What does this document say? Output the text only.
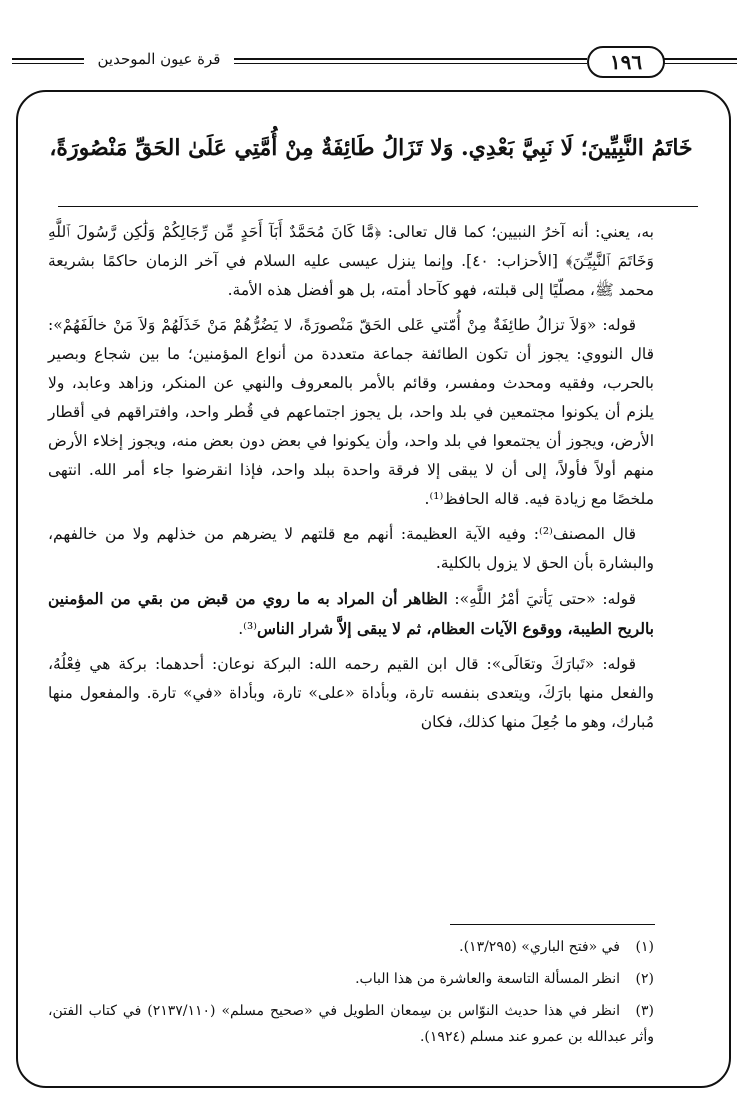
١٩٦
قرة عيون الموحدين
خَاتَمُ النَّبِيِّينَ؛ لَا نَبِيَّ بَعْدِي. وَلا تَزَالُ طَائِفَةٌ مِنْ أُمَّتِي عَلَىٰ الحَقِّ مَنْصُورَةً،

به، يعني: أنه آخرُ النبيين؛ كما قال تعالى: ﴿مَّا كَانَ مُحَمَّدٌ أَبَآ أَحَدٍ مِّن رِّجَالِكُمْ وَلَٰكِن رَّسُولَ ٱللَّهِ وَخَاتَمَ ٱلنَّبِيِّـۧنَ﴾ [الأحزاب: ٤٠]. وإنما ينزل عيسى عليه السلام في آخر الزمان حاكمًا بشريعة محمد ﷺ، مصلّيًا إلى قبلته، فهو كآحاد أمته، بل هو أفضل هذه الأمة.

قوله: «وَلاَ تزالُ طائِفَةٌ مِنْ أُمّتي عَلى الحَقّ مَنْصورَةً، لا يَضُرُّهُمْ مَنْ خَذَلَهُمْ وَلاَ مَنْ خالَفَهُمْ»: قال النووي: يجوز أن تكون الطائفة جماعة متعددة من أنواع المؤمنين؛ ما بين شجاع وبصير بالحرب، وفقيه ومحدث ومفسر، وقائم بالأمر بالمعروف والنهي عن المنكر، وزاهد وعابد، ولا يلزم أن يكونوا مجتمعين في بلد واحد، بل يجوز اجتماعهم في قُطر واحد، وافتراقهم في أقطار الأرض، ويجوز أن يجتمعوا في بلد واحد، وأن يكونوا في بعض دون بعض منه، ويجوز إخلاء الأرض منهم أولاً فأولاً، إلى أن لا يبقى إلا فرقة واحدة ببلد واحد، فإذا انقرضوا جاء أمر الله. انتهى ملخصًا مع زيادة فيه. قاله الحافظ⁽¹⁾.

قال المصنف⁽²⁾: وفيه الآية العظيمة: أنهم مع قلتهم لا يضرهم من خذلهم ولا من خالفهم، والبشارة بأن الحق لا يزول بالكلية.

قوله: «حتى يَأتيَ أمْرُ اللَّهِ»: الظاهر أن المراد به ما روي من قبض من بقي من المؤمنين بالريح الطيبة، ووقوع الآيات العظام، ثم لا يبقى إلاَّ شرار الناس⁽³⁾.

قوله: «تَبارَكَ وتعَالَى»: قال ابن القيم رحمه الله: البركة نوعان: أحدهما: بركة هي فِعْلُهُ، والفعل منها بارَكَ، ويتعدى بنفسه تارة، وبأداة «على» تارة، وبأداة «في» تارة. والمفعول منها مُبارك، وهو ما جُعِلَ منها كذلك، فكان

(١)في «فتح الباري» (١٣/٢٩٥).
(٢)انظر المسألة التاسعة والعاشرة من هذا الباب.
(٣)انظر في هذا حديث النوّاس بن سِمعان الطويل في «صحيح مسلم» (٢١٣٧/١١٠) في كتاب الفتن، وأثر عبدالله بن عمرو عند مسلم (١٩٢٤).
